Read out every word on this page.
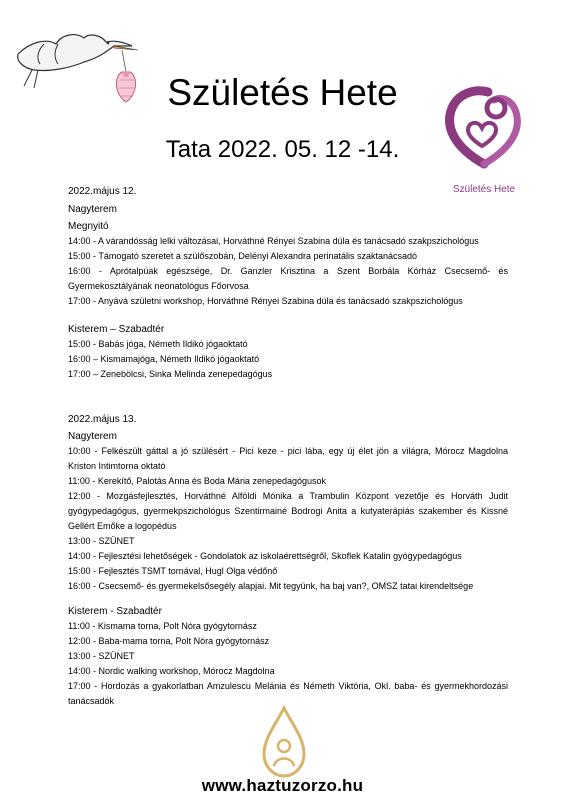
Születés Hete
Tata 2022. 05. 12 -14.
Születés Hete
2022.május 12.
Nagyterem
Megnyitó
14:00 - A várandósság lelki változásai, Horváthné Rényei Szabina dúla és tanácsadó szakpszichológus
15:00 - Támogató szeretet a szülőszobán, Delényi Alexandra perinatális szaktanácsadó
16:00 - Aprótalpúak egészsége, Dr. Ganzler Krisztina a Szent Borbála Kórház Csecsemő- és Gyermekosztályának neonatológus Főorvosa
17:00 - Anyává születni workshop, Horváthné Rényei Szabina dúla és tanácsadó szakpszichológus
Kisterem – Szabadtér
15:00 - Babás jóga, Németh Ildikó jógaoktató
16:00 – Kismamajóga, Németh Ildikó jógaoktató
17:00 – Zenebölcsi, Sinka Melinda zenepedagógus
2022.május 13.
Nagyterem
10:00 - Felkészült gáttal a jó szülésért - Pici keze - pici lába, egy új élet jön a világra, Mórocz Magdolna Kriston Intimtorna oktató
11:00 - Kerekítő, Palotás Anna és Boda Mária zenepedagógusok
12:00 - Mozgásfejlesztés, Horváthné Alföldi Mónika a Trambulin Központ vezetője és Horváth Judit gyógypedagógus, gyermekpszichológus Szentirmainé Bodrogi Anita a kutyaterápiás szakember és Kissné Gellért Emőke a logopédus
13:00 - SZÜNET
14:00 - Fejlesztési lehetőségek - Gondolatok az iskolaérettségről, Skoflek Katalin gyógypedagógus
15:00 - Fejlesztés TSMT tornával, Hugl Olga védőnő
16:00 - Csecsemő- és gyermekelsősegély alapjai. Mit tegyünk, ha baj van?, OMSZ tatai kirendeltsége
Kisterem - Szabadtér
11:00 - Kismama torna, Polt Nóra gyógytornász
12:00 - Baba-mama torna, Polt Nóra gyógytornász
13:00 - SZÜNET
14:00 - Nordic walking workshop, Mórocz Magdolna
17:00 - Hordozás a gyakorlatban Amzulescu Melánia és Németh Viktória, Okl. baba- és gyermekhordozási tanácsadók
www.haztuzorzo.hu
